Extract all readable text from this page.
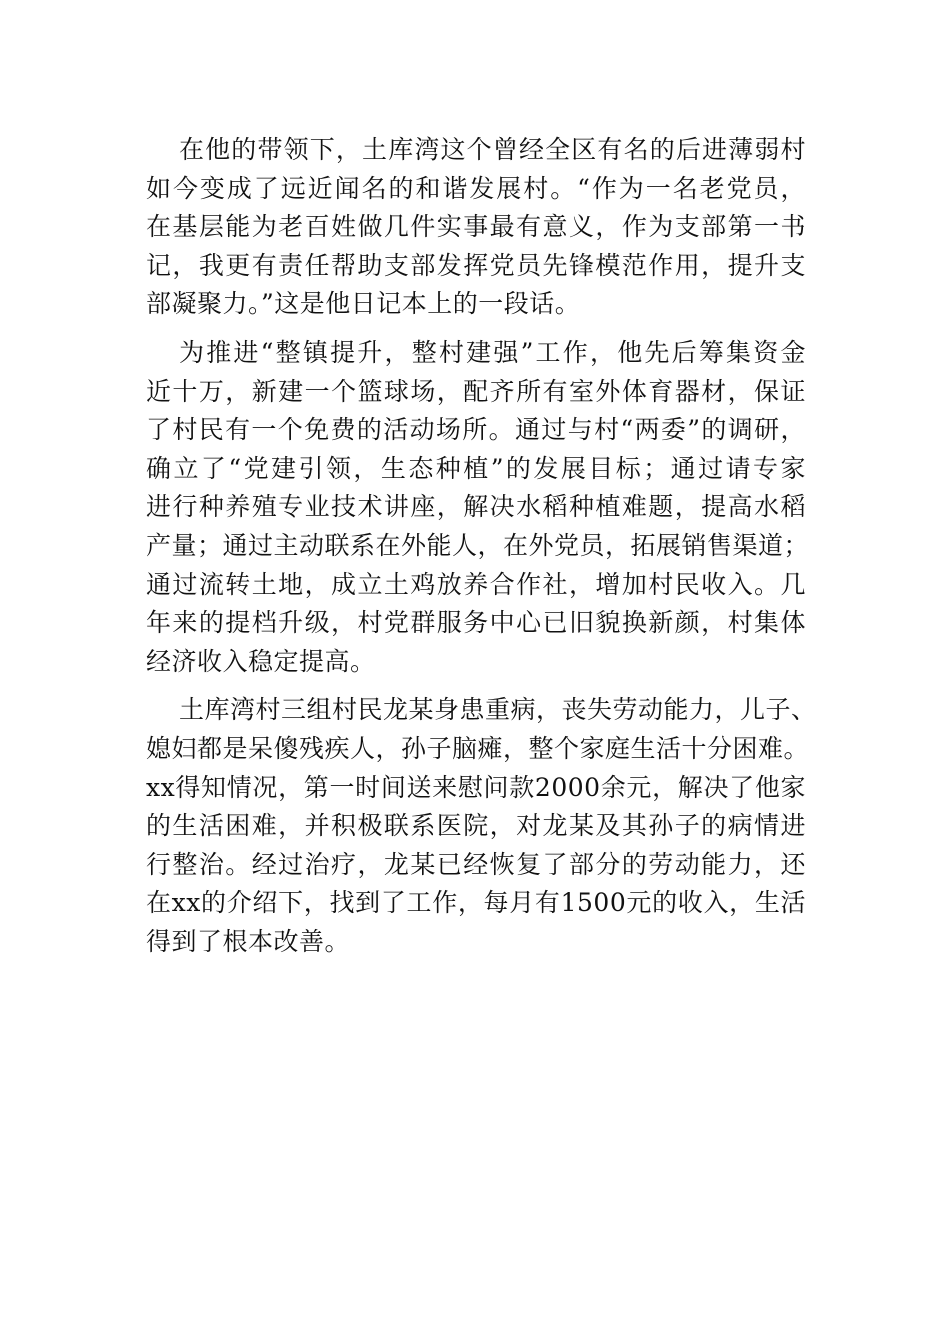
在他的带领下，土库湾这个曾经全区有名的后进薄弱村
如今变成了远近闻名的和谐发展村。“作为一名老党员，
在基层能为老百姓做几件实事最有意义，作为支部第一书
记，我更有责任帮助支部发挥党员先锋模范作用，提升支
部凝聚力。”这是他日记本上的一段话。
为推进“整镇提升，整村建强”工作，他先后筹集资金
近十万，新建一个篮球场，配齐所有室外体育器材，保证
了村民有一个免费的活动场所。通过与村“两委”的调研，
确立了“党建引领，生态种植”的发展目标；通过请专家
进行种养殖专业技术讲座，解决水稻种植难题，提高水稻
产量；通过主动联系在外能人，在外党员，拓展销售渠道；
通过流转土地，成立土鸡放养合作社，增加村民收入。几
年来的提档升级，村党群服务中心已旧貌换新颜，村集体
经济收入稳定提高。
土库湾村三组村民龙某身患重病，丧失劳动能力，儿子、
媳妇都是呆傻残疾人，孙子脑瘫，整个家庭生活十分困难。
xx得知情况，第一时间送来慰问款2000余元，解决了他家
的生活困难，并积极联系医院，对龙某及其孙子的病情进
行整治。经过治疗，龙某已经恢复了部分的劳动能力，还
在xx的介绍下，找到了工作，每月有1500元的收入，生活
得到了根本改善。
